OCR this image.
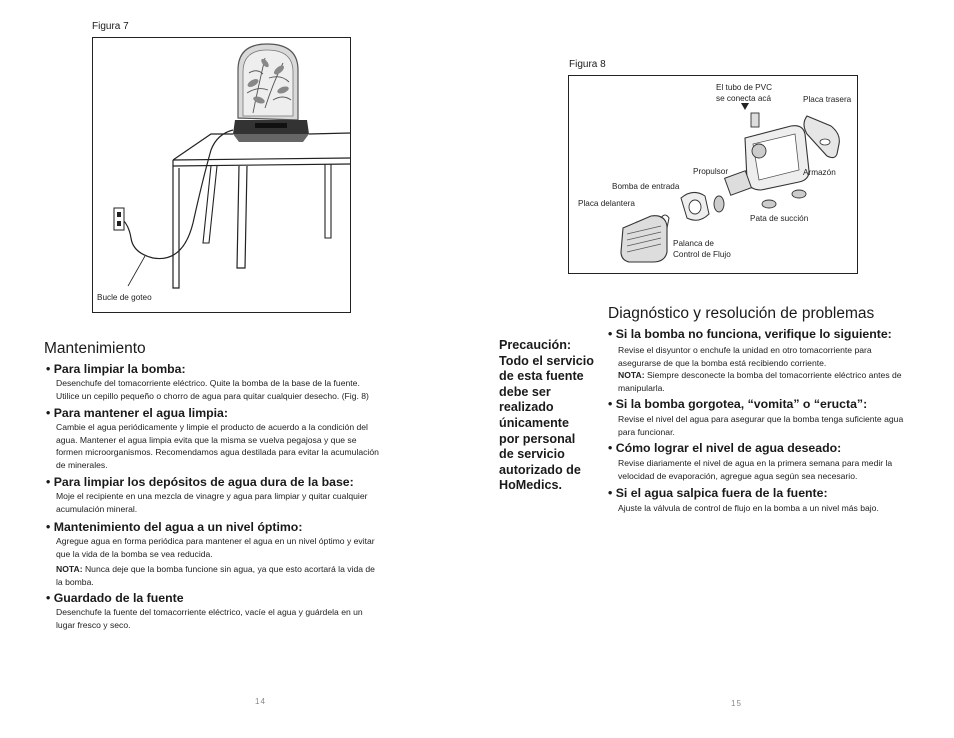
Figura 7
Bucle de goteo
Mantenimiento
• Para limpiar la bomba:
Desenchufe del tomacorriente eléctrico. Quite la bomba de la base de la fuente.
Utilice un cepillo pequeño o chorro de agua para quitar cualquier desecho. (Fig. 8)
• Para mantener el agua limpia:
Cambie el agua periódicamente y limpie el producto de acuerdo a la condición del
agua. Mantener el agua limpia evita que la misma se vuelva pegajosa y que se
formen microorganismos. Recomendamos agua destilada para evitar la acumulación
de minerales.
• Para limpiar los depósitos de agua dura de la base:
Moje el recipiente en una mezcla de vinagre y agua para limpiar y quitar cualquier
acumulación mineral.
• Mantenimiento del agua a un nivel óptimo:
Agregue agua en forma periódica para mantener el agua en un nivel óptimo y evitar
que la vida de la bomba se vea reducida.
NOTA: Nunca deje que la bomba funcione sin agua, ya que esto acortará la vida de
la bomba.
• Guardado de la fuente
Desenchufe la fuente del tomacorriente eléctrico, vacíe el agua y guárdela en un
lugar fresco y seco.
14
Precaución:
Todo el servicio
de esta fuente
debe ser
realizado
únicamente
por personal
de servicio
autorizado de
HoMedics.
Figura 8
El tubo de PVC
se conecta acá	Placa trasera
Propulsor	Armazón
Bomba de entrada
Placa delantera
Pata de succión
Palanca de
Control de Flujo
Diagnóstico y resolución de problemas
• Si la bomba no funciona, verifique lo siguiente:
Revise el disyuntor o enchufe la unidad en otro tomacorriente para
asegurarse de que la bomba está recibiendo corriente.
NOTA: Siempre desconecte la bomba del tomacorriente eléctrico antes de
manipularla.
• Si la bomba gorgotea, “vomita” o “eructa”:
Revise el nivel del agua para asegurar que la bomba tenga suficiente agua
para funcionar.
• Cómo lograr el nivel de agua deseado:
Revise diariamente el nivel de agua en la primera semana para medir la
velocidad de evaporación, agregue agua según sea necesario.
• Si el agua salpica fuera de la fuente:
Ajuste la válvula de control de flujo en la bomba a un nivel más bajo.
15
